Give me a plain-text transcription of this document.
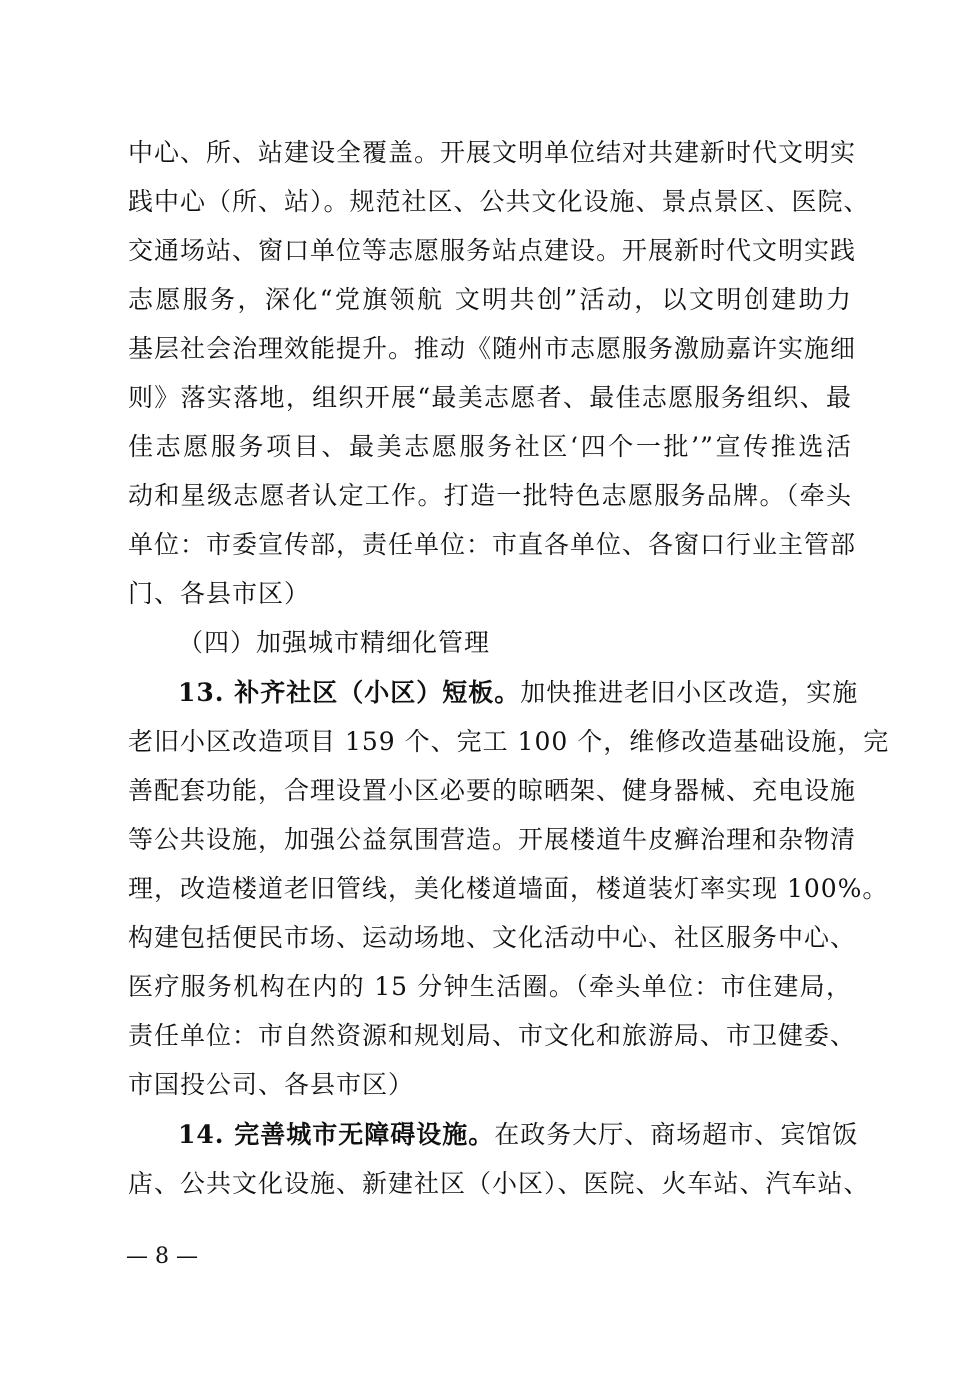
中心、所、站建设全覆盖。开展文明单位结对共建新时代文明实
践中心（所、站）。规范社区、公共文化设施、景点景区、医院、
交通场站、窗口单位等志愿服务站点建设。开展新时代文明实践
志愿服务，深化“党旗领航 文明共创”活动，以文明创建助力
基层社会治理效能提升。推动《随州市志愿服务激励嘉许实施细
则》落实落地，组织开展“最美志愿者、最佳志愿服务组织、最
佳志愿服务项目、最美志愿服务社区‘四个一批’”宣传推选活
动和星级志愿者认定工作。打造一批特色志愿服务品牌。（牵头
单位：市委宣传部，责任单位：市直各单位、各窗口行业主管部
门、各县市区）
（四）加强城市精细化管理
13. 补齐社区（小区）短板。加快推进老旧小区改造，实施
老旧小区改造项目 159 个、完工 100 个，维修改造基础设施，完
善配套功能，合理设置小区必要的晾晒架、健身器械、充电设施
等公共设施，加强公益氛围营造。开展楼道牛皮癣治理和杂物清
理，改造楼道老旧管线，美化楼道墙面，楼道装灯率实现 100%。
构建包括便民市场、运动场地、文化活动中心、社区服务中心、
医疗服务机构在内的 15 分钟生活圈。（牵头单位：市住建局，
责任单位：市自然资源和规划局、市文化和旅游局、市卫健委、
市国投公司、各县市区）
14. 完善城市无障碍设施。在政务大厅、商场超市、宾馆饭
店、公共文化设施、新建社区（小区）、医院、火车站、汽车站、
— 8 —
